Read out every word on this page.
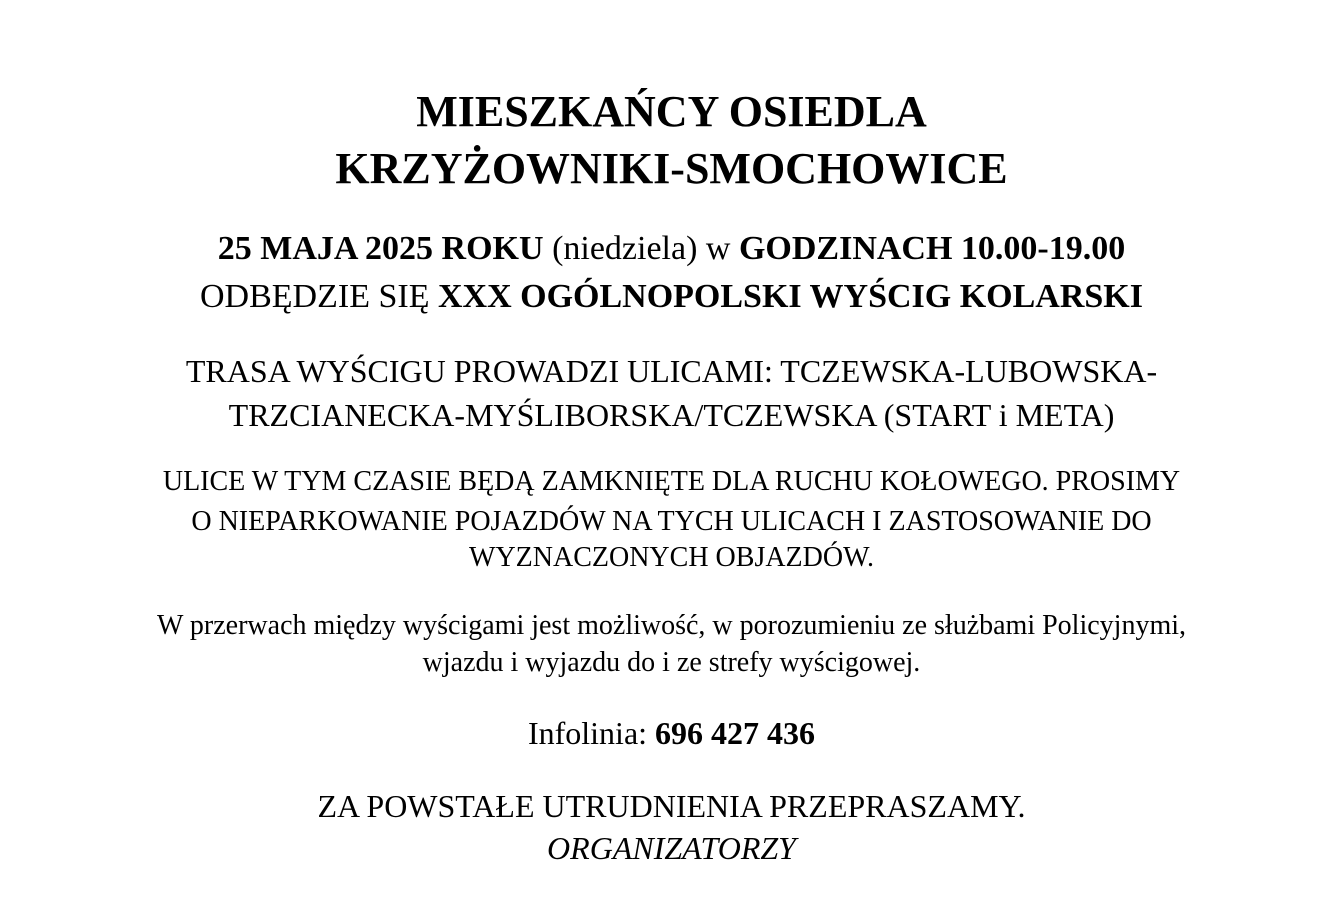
MIESZKAŃCY OSIEDLA
KRZYŻOWNIKI-SMOCHOWICE
25 MAJA 2025 ROKU (niedziela) w GODZINACH 10.00-19.00
ODBĘDZIE SIĘ XXX OGÓLNOPOLSKI WYŚCIG KOLARSKI
TRASA WYŚCIGU PROWADZI ULICAMI: TCZEWSKA-LUBOWSKA-
TRZCIANECKA-MYŚLIBORSKA/TCZEWSKA (START i META)
ULICE W TYM CZASIE BĘDĄ ZAMKNIĘTE DLA RUCHU KOŁOWEGO. PROSIMY
O NIEPARKOWANIE POJAZDÓW NA TYCH ULICACH I ZASTOSOWANIE DO
WYZNACZONYCH OBJAZDÓW.
W przerwach między wyścigami jest możliwość, w porozumieniu ze służbami Policyjnymi,
wjazdu i wyjazdu do i ze strefy wyścigowej.
Infolinia: 696 427 436
ZA POWSTAŁE UTRUDNIENIA PRZEPRASZAMY.
ORGANIZATORZY
